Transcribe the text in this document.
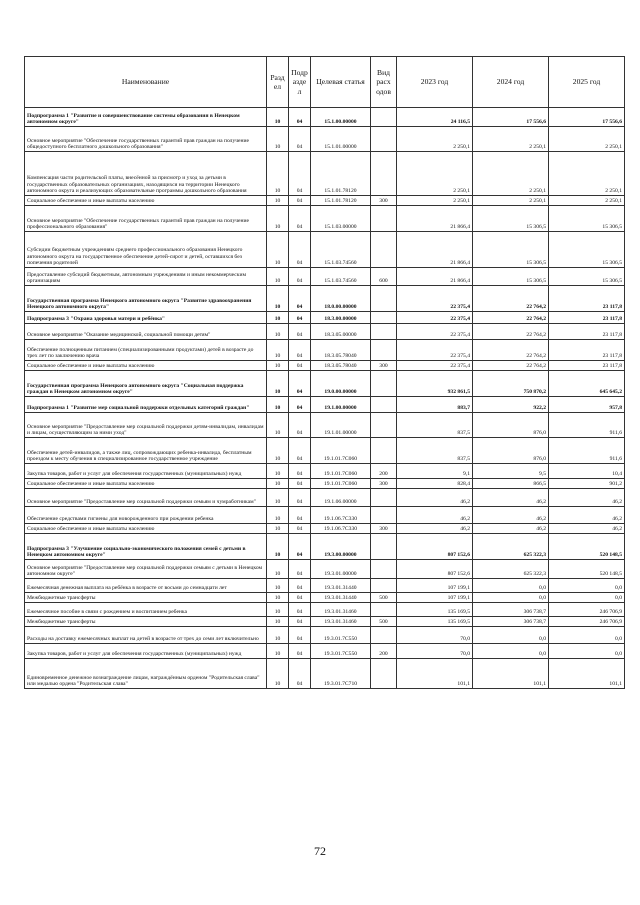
Наименование	Разд ел	Подр азде л	Целевая статья	Вид расх одов	2023 год	2024 год	2025 год
Подпрограмма 1 "Развитие и совершенствование системы образования в Ненецком автономном округе"	10	04	15.1.00.00000		24 116,5	17 556,6	17 556,6
Основное мероприятие "Обеспечение государственных гарантий прав граждан на получение общедоступного бесплатного дошкольного образования"	10	04	15.1.01.00000		2 250,1	2 250,1	2 250,1
Компенсация части родительской платы, внесённой за присмотр и уход за детьми в государственных образовательных организациях, находящихся на территории Ненецкого автономного округа и реализующих образовательные программы дошкольного образования	10	04	15.1.01.78120		2 250,1	2 250,1	2 250,1
Социальное обеспечение и иные выплаты населению	10	04	15.1.01.78120	300	2 250,1	2 250,1	2 250,1
Основное мероприятие "Обеспечение государственных гарантий прав граждан на получение профессионального образования"	10	04	15.1.03.00000		21 866,4	15 306,5	15 306,5
Субсидии бюджетным учреждениям среднего профессионального образования Ненецкого автономного округа на государственное обеспечение детей-сирот и детей, оставшихся без попечения родителей	10	04	15.1.03.74560		21 866,4	15 306,5	15 306,5
Предоставление субсидий бюджетным, автономным учреждениям и иным некоммерческим организациям	10	04	15.1.03.74560	600	21 866,4	15 306,5	15 306,5
Государственная программа Ненецкого автономного округа "Развитие здравоохранения Ненецкого автономного округа"	10	04	18.0.00.00000		22 375,4	22 764,2	23 117,8
Подпрограмма 3 "Охрана здоровья матери и ребёнка"	10	04	18.3.00.00000		22 375,4	22 764,2	23 117,8
Основное мероприятие "Оказание медицинской, социальной помощи детям"	10	04	18.3.05.00000		22 375,4	22 764,2	23 117,8
Обеспечение полноценным питанием (специализированными продуктами) детей в возрасте до трех лет по заключению врача	10	04	18.3.05.78040		22 375,4	22 764,2	23 117,8
Социальное обеспечение и иные выплаты населению	10	04	18.3.05.78040	300	22 375,4	22 764,2	23 117,8
Государственная программа Ненецкого автономного округа "Социальная поддержка граждан в Ненецком автономном округе"	10	04	19.0.00.00000		932 861,5	750 870,2	645 645,2
Подпрограмма 1 "Развитие мер социальной поддержки отдельных категорий граждан"	10	04	19.1.00.00000		883,7	922,2	957,8
Основное мероприятие "Предоставление мер социальной поддержки детям-инвалидам, инвалидам и лицам, осуществляющим за ними уход"	10	04	19.1.01.00000		837,5	876,0	911,6
Обеспечение детей-инвалидов, а также лиц, сопровождающих ребенка-инвалида, бесплатным проездом к месту обучения в специализированное государственное учреждение	10	04	19.1.01.7С060		837,5	876,0	911,6
Закупка товаров, работ и услуг для обеспечения государственных (муниципальных) нужд	10	04	19.1.01.7С060	200	9,1	9,5	10,4
Социальное обеспечение и иные выплаты населению	10	04	19.1.01.7С060	300	828,4	866,5	901,2
Основное мероприятие "Предоставление мер социальной поддержки семьям и чумработникам"	10	04	19.1.06.00000		46,2	46,2	46,2
Обеспечение средствами гигиены для новорожденного при рождении ребенка	10	04	19.1.06.7С330		46,2	46,2	46,2
Социальное обеспечение и иные выплаты населению	10	04	19.1.06.7С330	300	46,2	46,2	46,2
Подпрограмма 3 "Улучшение социально-экономического положения семей с детьми в Ненецком автономном округе"	10	04	19.3.00.00000		807 152,6	625 322,3	520 148,5
Основное мероприятие "Предоставление мер социальной поддержки семьям с детьми в Ненецком автономном округе"	10	04	19.3.01.00000		807 152,6	625 322,3	520 148,5
Ежемесячная денежная выплата на ребёнка в возрасте от восьми до семнадцати лет	10	04	19.3.01.31440		107 199,1	0,0	0,0
Межбюджетные трансферты	10	04	19.3.01.31440	500	107 199,1	0,0	0,0
Ежемесячное пособие в связи с рождением и воспитанием ребенка	10	04	19.3.01.31460		135 169,5	306 738,7	246 706,9
Межбюджетные трансферты	10	04	19.3.01.31460	500	135 169,5	306 738,7	246 706,9
Расходы на доставку ежемесячных выплат на детей в возрасте от трех до семи лет включительно	10	04	19.3.01.7С550		70,0	0,0	0,0
Закупка товаров, работ и услуг для обеспечения государственных (муниципальных) нужд	10	04	19.3.01.7С550	200	70,0	0,0	0,0
Единовременное денежное вознаграждение лицам, награждённым орденом "Родительская слава" или медалью ордена "Родительская слава"	10	04	19.3.01.7С710		101,1	101,1	101,1
72
